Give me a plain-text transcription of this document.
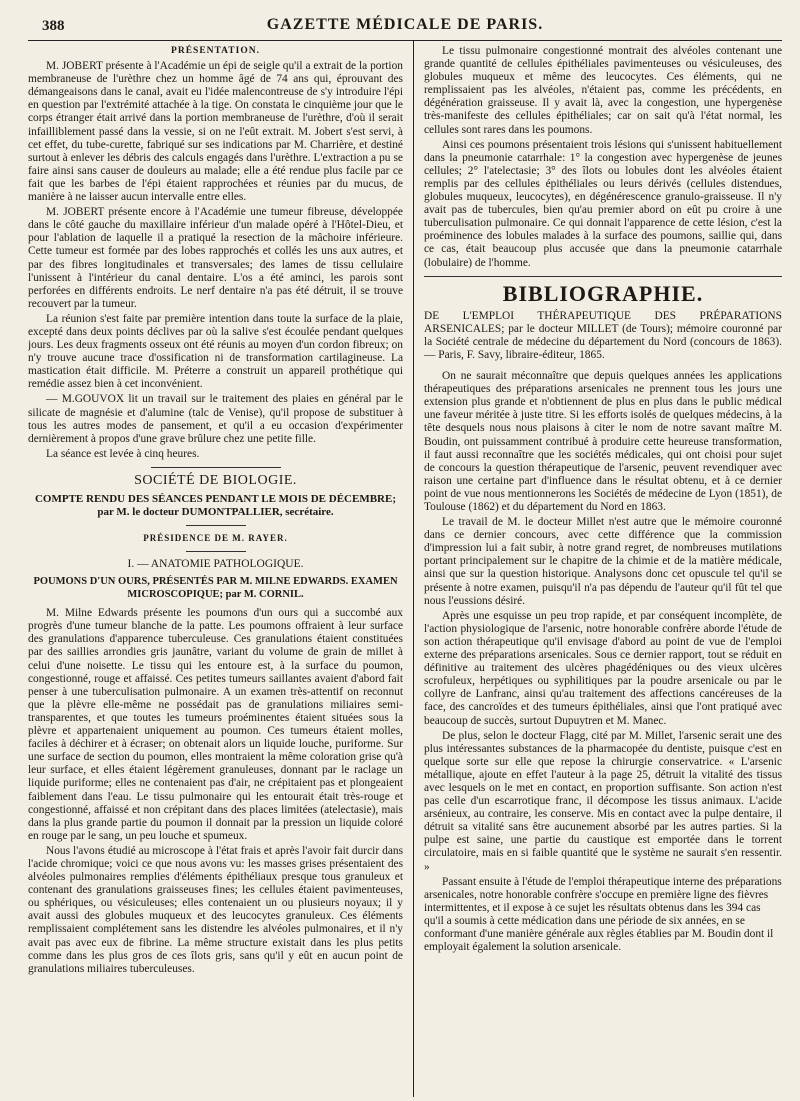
388	GAZETTE MÉDICALE DE PARIS.
PRÉSENTATION.

M. JOBERT présente à l'Académie un épi de seigle qu'il a extrait de la portion membraneuse de l'urèthre chez un homme âgé de 74 ans qui, éprouvant des démangeaisons dans le canal, avait eu l'idée malencontreuse de s'y introduire l'épi en question par l'extrémité attachée à la tige. On constata le cinquième jour que le corps étranger était arrivé dans la portion membraneuse de l'urèthre, d'où il serait infailliblement passé dans la vessie, si on ne l'eût extrait. M. Jobert s'est servi, à cet effet, du tube-curette, fabriqué sur ses indications par M. Charrière, et destiné surtout à enlever les débris des calculs engagés dans l'urèthre. L'extraction a pu se faire ainsi sans causer de douleurs au malade; elle a été rendue plus facile par ce fait que les barbes de l'épi étaient rapprochées et réunies par du mucus, de manière à ne laisser aucun intervalle entre elles.

M. JOBERT présente encore à l'Académie une tumeur fibreuse, développée dans le côté gauche du maxillaire inférieur d'un malade opéré à l'Hôtel-Dieu, et pour l'ablation de laquelle il a pratiqué la resection de la mâchoire inférieure. Cette tumeur est formée par des lobes rapprochés et collés les uns aux autres, et par des fibres longitudinales et transversales; des lames de tissu cellulaire l'unissent à l'intérieur du canal dentaire. L'os a été aminci, les parois sont perforées en différents endroits. Le nerf dentaire n'a pas été détruit, il se trouve recouvert par la tumeur.

La réunion s'est faite par première intention dans toute la surface de la plaie, excepté dans deux points déclives par où la salive s'est écoulée pendant quelques jours. Les deux fragments osseux ont été réunis au moyen d'un cordon fibreux; on n'y trouve aucune trace d'ossification ni de transformation cartilagineuse. La mastication était difficile. M. Préterre a construit un appareil prothétique qui remédie assez bien à cet inconvénient.

— M.GOUVOX lit un travail sur le traitement des plaies en général par le silicate de magnésie et d'alumine (talc de Venise), qu'il propose de substituer à tous les autres modes de pansement, et qu'il a eu occasion d'expérimenter dernièrement à propos d'une grave brûlure chez une petite fille.

La séance est levée à cinq heures.

SOCIÉTÉ DE BIOLOGIE.
COMPTE RENDU DES SÉANCES PENDANT LE MOIS DE DÉCEMBRE; par M. le docteur DUMONTPALLIER, secrétaire.
PRÉSIDENCE DE M. RAYER.
I. — ANATOMIE PATHOLOGIQUE.
POUMONS D'UN OURS, PRÉSENTÉS PAR M. MILNE EDWARDS. EXAMEN MICROSCOPIQUE; par M. CORNIL.

M. Milne Edwards présente les poumons d'un ours qui a succombé aux progrès d'une tumeur blanche de la patte. Les poumons offraient à leur surface des granulations d'apparence tuberculeuse. Ces granulations étaient constituées par des saillies arrondies gris jaunâtre, variant du volume de grain de millet à celui d'une noisette. Le tissu qui les entoure est, à la surface du poumon, congestionné, rouge et affaissé. Ces petites tumeurs saillantes avaient d'abord fait penser à une tuberculisation pulmonaire. A un examen très-attentif on reconnut que la plèvre elle-même ne possédait pas de granulations miliaires semi-transparentes, et que toutes les tumeurs proéminentes étaient situées sous la plèvre et appartenaient uniquement au poumon. Ces tumeurs étaient molles, faciles à déchirer et à écraser; on obtenait alors un liquide louche, puriforme. Sur une surface de section du poumon, elles montraient la même coloration grise qu'à leur surface, et elles étaient légèrement granuleuses, donnant par le raclage un liquide puriforme; elles ne contenaient pas d'air, ne crépitaient pas et plongeaient faiblement dans l'eau. Le tissu pulmonaire qui les entourait était très-rouge et congestionné, affaissé et non crépitant dans des places limitées (atelectasie), mais dans la plus grande partie du poumon il donnait par la pression un liquide coloré en rouge par le sang, un peu louche et spumeux.

Nous l'avons étudié au microscope à l'état frais et après l'avoir fait durcir dans l'acide chromique; voici ce que nous avons vu: les masses grises présentaient des alvéoles pulmonaires remplies d'éléments épithéliaux presque tous granuleux et contenant des granulations graisseuses fines; les cellules étaient pavimenteuses, ou sphériques, ou vésiculeuses; elles contenaient un ou plusieurs noyaux; il y avait aussi des globules muqueux et des leucocytes granuleux. Ces éléments remplissaient complétement sans les distendre les alvéoles pulmonaires, et il n'y avait pas avec eux de fibrine. La même structure existait dans les plus petits comme dans les plus gros de ces îlots gris, sans qu'il y eût en aucun point de granulations miliaires tuberculeuses.

Le tissu pulmonaire congestionné montrait des alvéoles contenant une grande quantité de cellules épithéliales pavimenteuses ou vésiculeuses, des globules muqueux et même des leucocytes. Ces éléments, qui ne remplissaient pas les alvéoles, n'étaient pas, comme les précédents, en dégénération graisseuse. Il y avait là, avec la congestion, une hypergenèse très-manifeste des cellules épithéliales; car on sait qu'à l'état normal, les cellules sont rares dans les poumons.

Ainsi ces poumons présentaient trois lésions qui s'unissent habituellement dans la pneumonie catarrhale: 1° la congestion avec hypergenèse de jeunes cellules; 2° l'atelectasie; 3° des îlots ou lobules dont les alvéoles étaient remplis par des cellules épithéliales ou leurs dérivés (cellules distendues, globules muqueux, leucocytes), en dégénérescence granulo-graisseuse. Il n'y avait pas de tubercules, bien qu'au premier abord on eût pu croire à une tuberculisation pulmonaire. Ce qui donnait l'apparence de cette lésion, c'est la proéminence des lobules malades à la surface des poumons, saillie qui, dans ce cas, était beaucoup plus accusée que dans la pneumonie catarrhale (lobulaire) de l'homme.

BIBLIOGRAPHIE.

DE L'EMPLOI THÉRAPEUTIQUE DES PRÉPARATIONS ARSENICALES; par le docteur MILLET (de Tours); mémoire couronné par la Société centrale de médecine du département du Nord (concours de 1863). — Paris, F. Savy, libraire-éditeur, 1865.

On ne saurait méconnaître que depuis quelques années les applications thérapeutiques des préparations arsenicales ne prennent tous les jours une extension plus grande et n'obtiennent de plus en plus dans le public médical une faveur méritée à juste titre. Si les efforts isolés de quelques médecins, à la tête desquels nous nous plaisons à citer le nom de notre savant maître M. Boudin, ont puissamment contribué à produire cette heureuse transformation, il faut aussi reconnaître que les sociétés médicales, qui ont choisi pour sujet de concours la question thérapeutique de l'arsenic, peuvent revendiquer avec raison une certaine part d'influence dans le résultat obtenu, et à ce dernier point de vue nous mentionnerons les Sociétés de médecine de Lyon (1851), de Toulouse (1862) et du département du Nord en 1863.

Le travail de M. le docteur Millet n'est autre que le mémoire couronné dans ce dernier concours, avec cette différence que la commission d'impression lui a fait subir, à notre grand regret, de nombreuses mutilations portant principalement sur le chapitre de la chimie et de la matière médicale, ainsi que sur la question historique. Analysons donc cet opuscule tel qu'il se présente à notre examen, puisqu'il n'a pas dépendu de l'auteur qu'il fût tel que nous l'eussions désiré.

Après une esquisse un peu trop rapide, et par conséquent incomplète, de l'action physiologique de l'arsenic, notre honorable confrère aborde l'étude de son action thérapeutique qu'il envisage d'abord au point de vue de l'emploi externe des préparations arsenicales. Sous ce dernier rapport, tout se réduit en définitive au traitement des ulcères phagédéniques ou des vieux ulcères scrofuleux, herpétiques ou syphilitiques par la poudre arsenicale ou par le collyre de Lanfranc, ainsi qu'au traitement des affections cancéreuses de la face, des cancroïdes et des tumeurs épithéliales, ainsi que l'ont pratiqué avec beaucoup de succès, surtout Dupuytren et M. Manec.

De plus, selon le docteur Flagg, cité par M. Millet, l'arsenic serait une des plus intéressantes substances de la pharmacopée du dentiste, puisque c'est en quelque sorte sur elle que repose la chirurgie conservatrice. « L'arsenic métallique, ajoute en effet l'auteur à la page 25, détruit la vitalité des tissus avec lesquels on le met en contact, en proportion suffisante. Son action n'est pas celle d'un escarrotique franc, il décompose les tissus animaux. L'acide arsénieux, au contraire, les conserve. Mis en contact avec la pulpe dentaire, il détruit sa vitalité sans être aucunement absorbé par les autres parties. Si la pulpe est saine, une partie du caustique est emportée dans le torrent circulatoire, mais en si faible quantité que le système ne saurait s'en ressentir. »

Passant ensuite à l'étude de l'emploi thérapeutique interne des préparations arsenicales, notre honorable confrère s'occupe en première ligne des fièvres intermittentes, et il expose à ce sujet les résultats obtenus dans les 394 cas qu'il a soumis à cette médication dans une période de six années, en se conformant d'une manière générale aux règles établies par M. Boudin dont il employait également la solution arsenicale.
